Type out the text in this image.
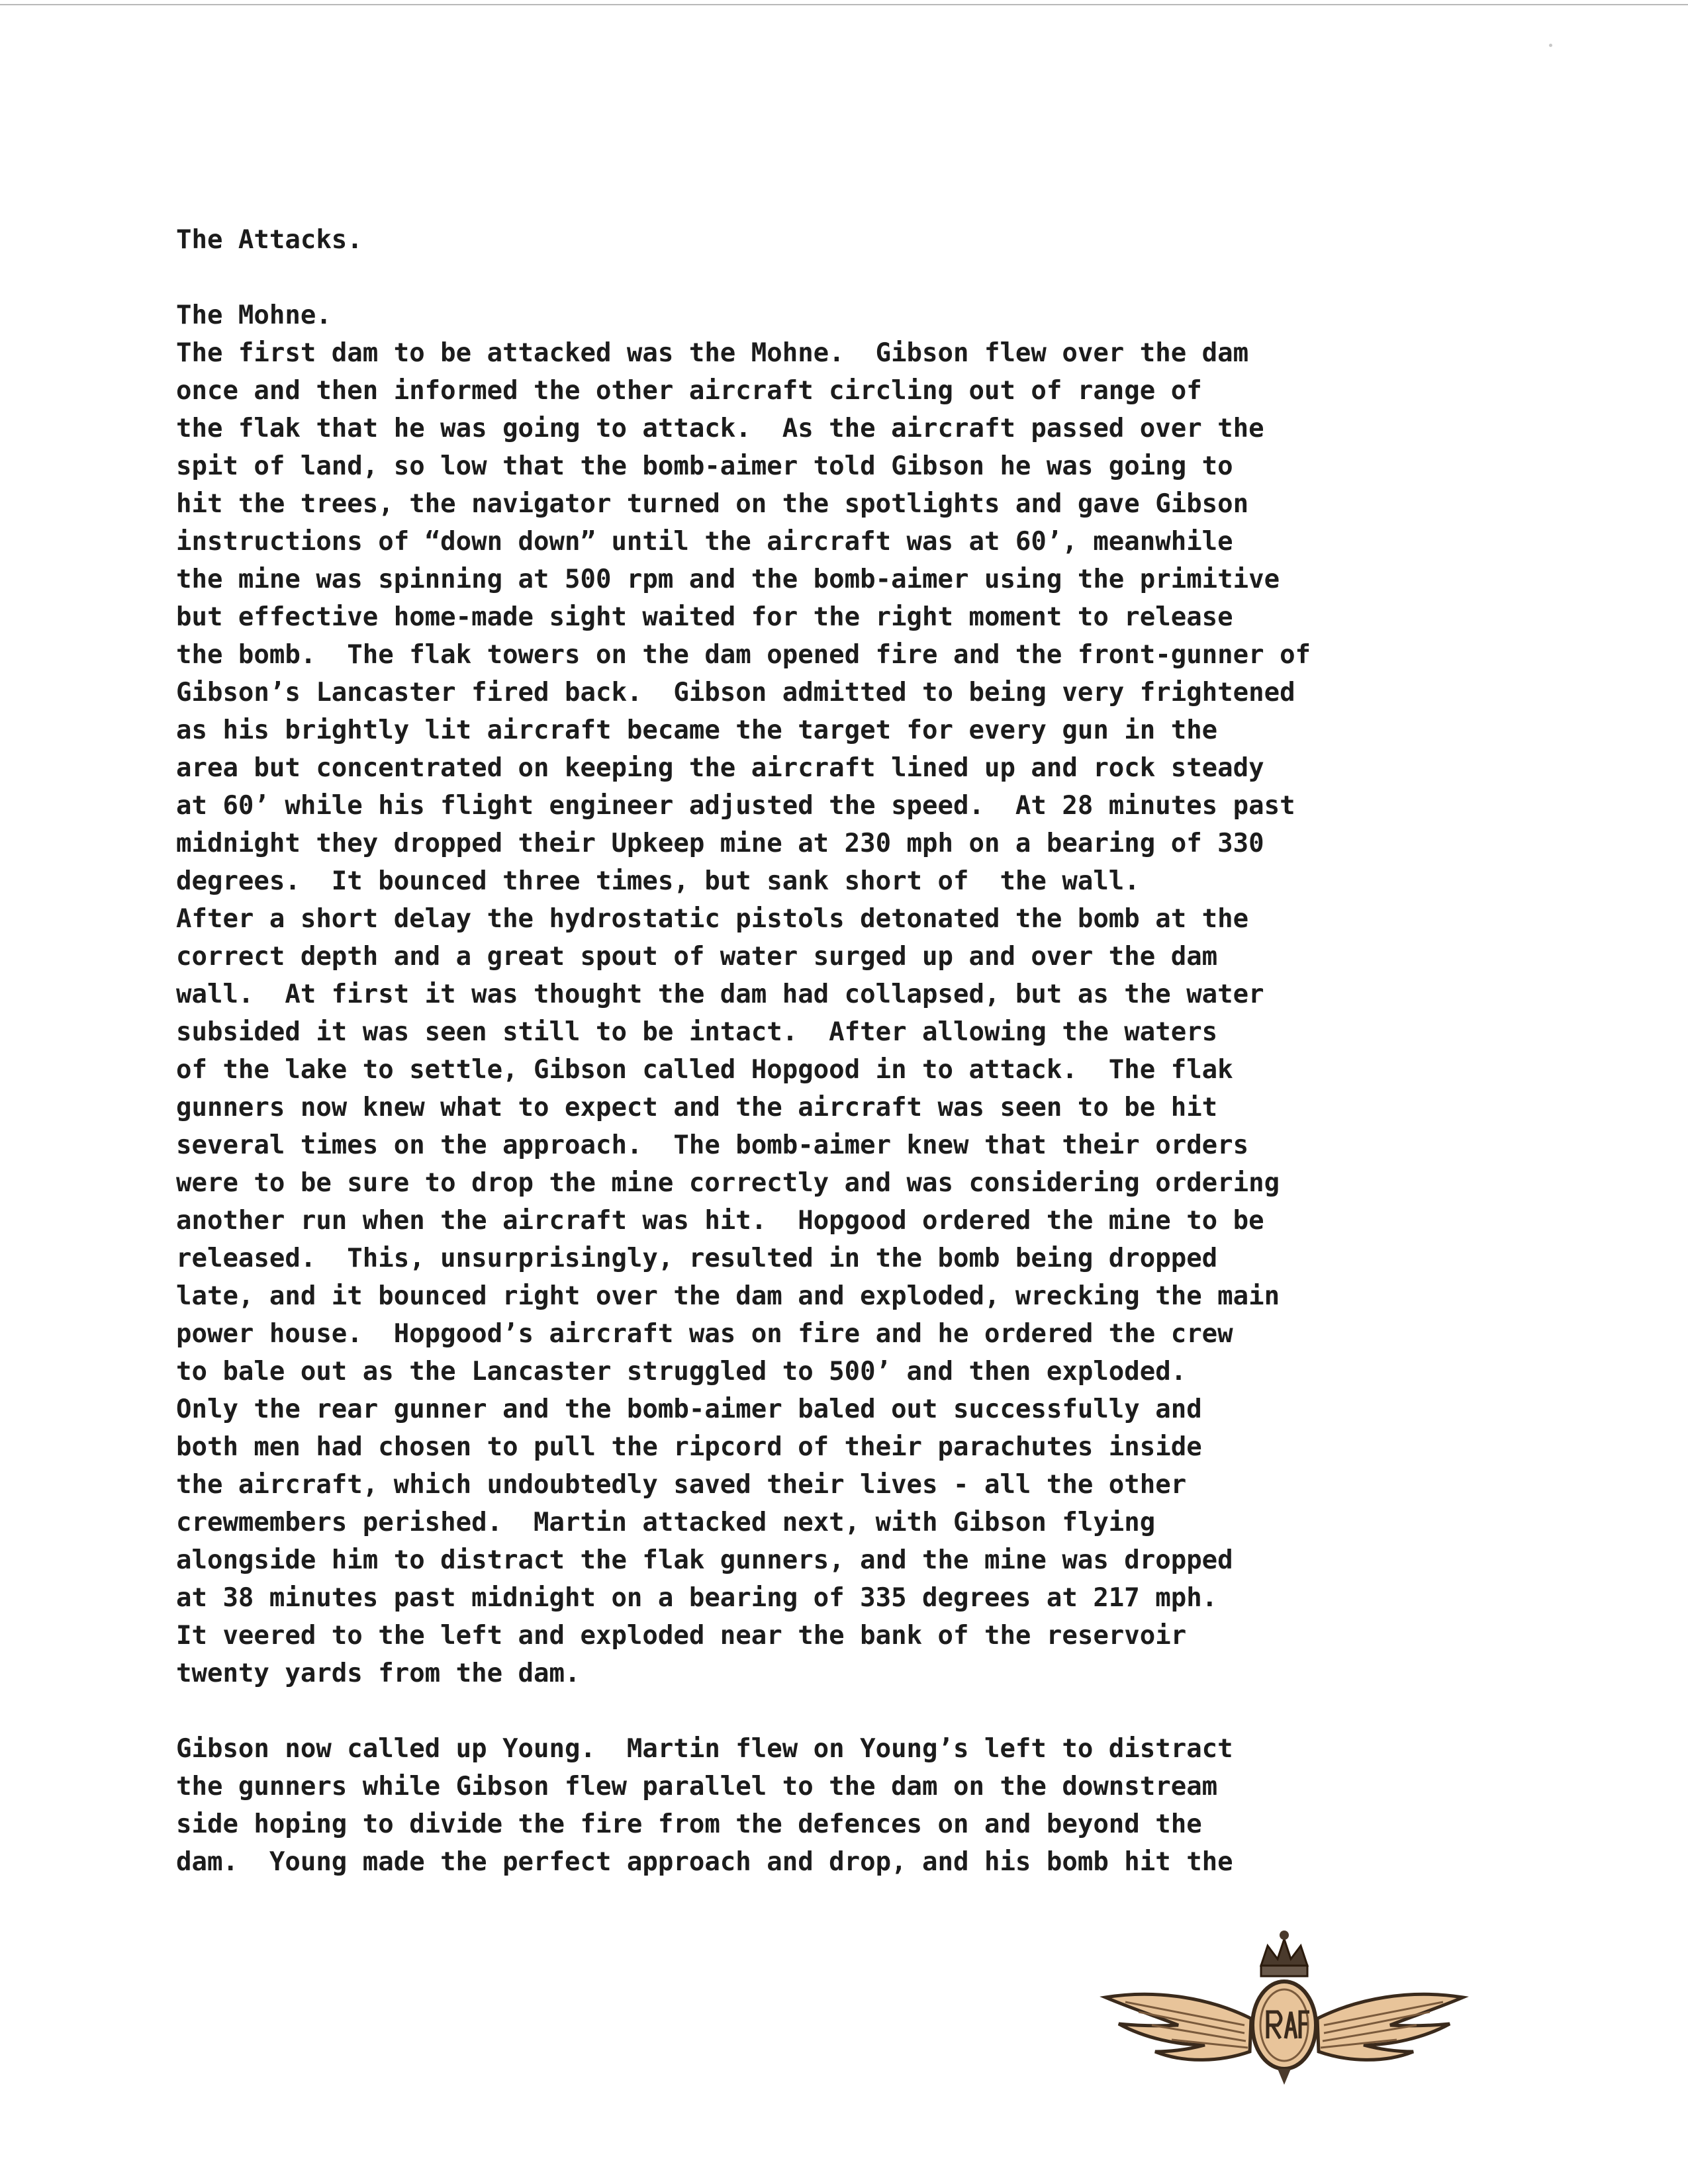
The Attacks.
The Mohne.
The first dam to be attacked was the Mohne.  Gibson flew over the dam
once and then informed the other aircraft circling out of range of
the flak that he was going to attack.  As the aircraft passed over the
spit of land, so low that the bomb-aimer told Gibson he was going to
hit the trees, the navigator turned on the spotlights and gave Gibson
instructions of “down down” until the aircraft was at 60’, meanwhile
the mine was spinning at 500 rpm and the bomb-aimer using the primitive
but effective home-made sight waited for the right moment to release
the bomb.  The flak towers on the dam opened fire and the front-gunner of
Gibson’s Lancaster fired back.  Gibson admitted to being very frightened
as his brightly lit aircraft became the target for every gun in the
area but concentrated on keeping the aircraft lined up and rock steady
at 60’ while his flight engineer adjusted the speed.  At 28 minutes past
midnight they dropped their Upkeep mine at 230 mph on a bearing of 330
degrees.  It bounced three times, but sank short of  the wall.
After a short delay the hydrostatic pistols detonated the bomb at the
correct depth and a great spout of water surged up and over the dam
wall.  At first it was thought the dam had collapsed, but as the water
subsided it was seen still to be intact.  After allowing the waters
of the lake to settle, Gibson called Hopgood in to attack.  The flak
gunners now knew what to expect and the aircraft was seen to be hit
several times on the approach.  The bomb-aimer knew that their orders
were to be sure to drop the mine correctly and was considering ordering
another run when the aircraft was hit.  Hopgood ordered the mine to be
released.  This, unsurprisingly, resulted in the bomb being dropped
late, and it bounced right over the dam and exploded, wrecking the main
power house.  Hopgood’s aircraft was on fire and he ordered the crew
to bale out as the Lancaster struggled to 500’ and then exploded.
Only the rear gunner and the bomb-aimer baled out successfully and
both men had chosen to pull the ripcord of their parachutes inside
the aircraft, which undoubtedly saved their lives - all the other
crewmembers perished.  Martin attacked next, with Gibson flying
alongside him to distract the flak gunners, and the mine was dropped
at 38 minutes past midnight on a bearing of 335 degrees at 217 mph.
It veered to the left and exploded near the bank of the reservoir
twenty yards from the dam.
Gibson now called up Young.  Martin flew on Young’s left to distract
the gunners while Gibson flew parallel to the dam on the downstream
side hoping to divide the fire from the defences on and beyond the
dam.  Young made the perfect approach and drop, and his bomb hit the
